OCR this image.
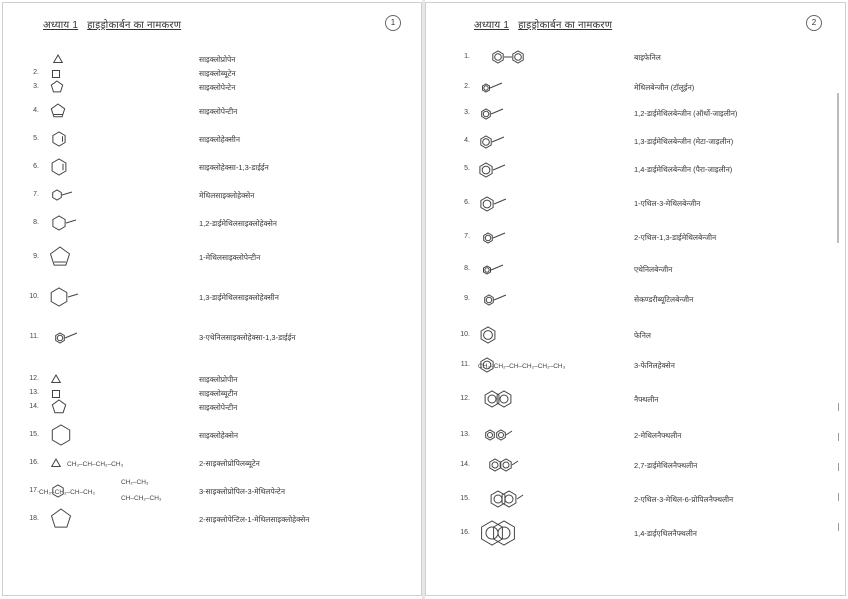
अध्याय 1 हाइड्रोकार्बन का नामकरण	1
साइक्लोप्रोपेन
2.	साइक्लोब्यूटेन
3.	साइक्लोपेन्टेन
4.	साइक्लोपेन्टीन
5.	साइक्लोहेक्सीन
6.	साइक्लोहेक्सा-1,3-डाईईन
7.	मेथिलसाइक्लोहेक्सेन
8.	1,2-डाईमेथिलसाइक्लोहेक्सेन
9.	1-मेथिलसाइक्लोपेन्टीन
10.	1,3-डाईमेथिलसाइक्लोहेक्सीन
11.	3-एथेनिलसाइक्लोहेक्सा-1,3-डाईईन
12.	साइक्लोप्रोपीन
13.	साइक्लोब्यूटीन
14.	साइक्लोपेन्टीन
15.	साइक्लोहेक्सेन
16.	2-साइक्लोप्रोपिलब्यूटेन
17.	3-साइक्लोप्रोपिल-3-मेथिलपेन्टेन
18.	2-साइक्लोपेन्टिल-1-मेथिलसाइक्लोहेक्सेन
CH₃–CH–CH₂–CH₃
CH₂–CH₃
CH₃–CH₂–CH–CH₂
CH–CH₂–CH₃
अध्याय 1 हाइड्रोकार्बन का नामकरण	2
1.	बाइफेनिल
2.	मेथिलबेन्जीन (टॉलूईन)
3.	1,2-डाईमेथिलबेन्जीन (ऑर्थो-जाइलीन)
4.	1,3-डाईमेथिलबेन्जीन (मेटा-जाइलीन)
5.	1,4-डाईमेथिलबेन्जीन (पैरा-जाइलीन)
6.	1-एथिल-3-मेथिलबेन्जीन
7.	2-एथिल-1,3-डाईमेथिलबेन्जीन
8.	एथेनिलबेन्जीन
9.	सेकण्डरीब्यूटिलबेन्जीन
10.	फेनिल
11.	3-फेनिलहेक्सेन
12.	नैफ्थलीन
13.	2-मेथिलनैफ्थलीन
14.	2,7-डाईमेथिलनैफ्थलीन
15.	2-एथिल-3-मेथिल-6-प्रोपिलनैफ्थलीन
16.	1,4-डाईएथिलनैफ्थलीन
CH₃–CH₂–CH–CH₂–CH₂–CH₃
